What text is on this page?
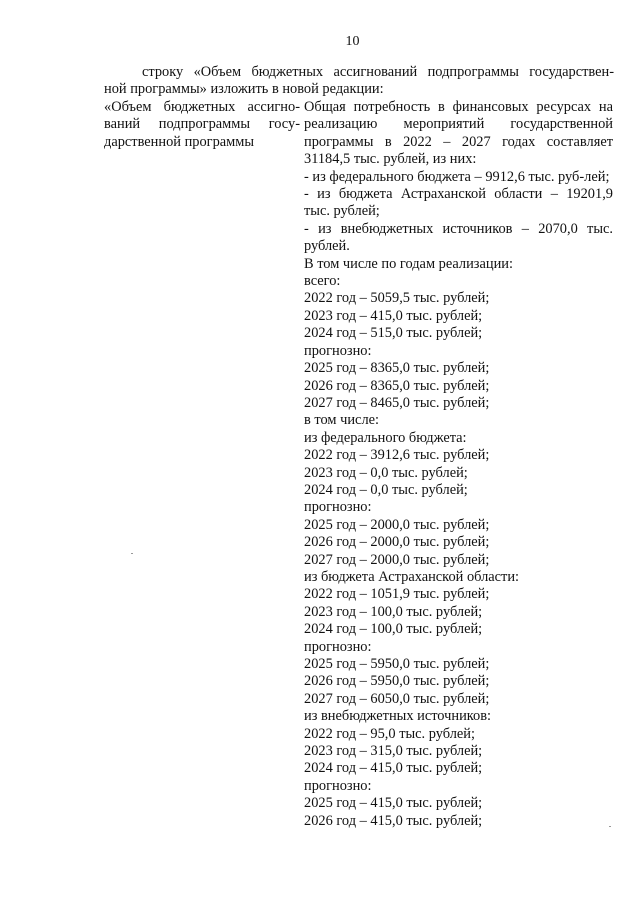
10

строку «Объем бюджетных ассигнований подпрограммы государствен-

ной программы» изложить в новой редакции:

«Объем бюджетных ассигно-
ваний подпрограммы госу-
дарственной программы

Общая потребность в финансовых ресурсах на реализацию мероприятий государственной программы в 2022 – 2027 годах составляет 31184,5 тыс. рублей, из них:

- из федерального бюджета – 9912,6 тыс. руб-лей;

- из бюджета Астраханской области – 19201,9 тыс. рублей;

- из внебюджетных источников – 2070,0 тыс. рублей.

В том числе по годам реализации:
всего:
2022 год – 5059,5 тыс. рублей;
2023 год – 415,0 тыс. рублей;
2024 год – 515,0 тыс. рублей;
прогнозно:
2025 год – 8365,0 тыс. рублей;
2026 год – 8365,0 тыс. рублей;
2027 год – 8465,0 тыс. рублей;
в том числе:
из федерального бюджета:
2022 год – 3912,6 тыс. рублей;
2023 год – 0,0 тыс. рублей;
2024 год – 0,0 тыс. рублей;
прогнозно:
2025 год – 2000,0 тыс. рублей;
2026 год – 2000,0 тыс. рублей;
2027 год – 2000,0 тыс. рублей;
из бюджета Астраханской области:
2022 год – 1051,9 тыс. рублей;
2023 год – 100,0 тыс. рублей;
2024 год – 100,0 тыс. рублей;
прогнозно:
2025 год – 5950,0 тыс. рублей;
2026 год – 5950,0 тыс. рублей;
2027 год – 6050,0 тыс. рублей;
из внебюджетных источников:
2022 год – 95,0 тыс. рублей;
2023 год – 315,0 тыс. рублей;
2024 год – 415,0 тыс. рублей;
прогнозно:
2025 год – 415,0 тыс. рублей;
2026 год – 415,0 тыс. рублей;
